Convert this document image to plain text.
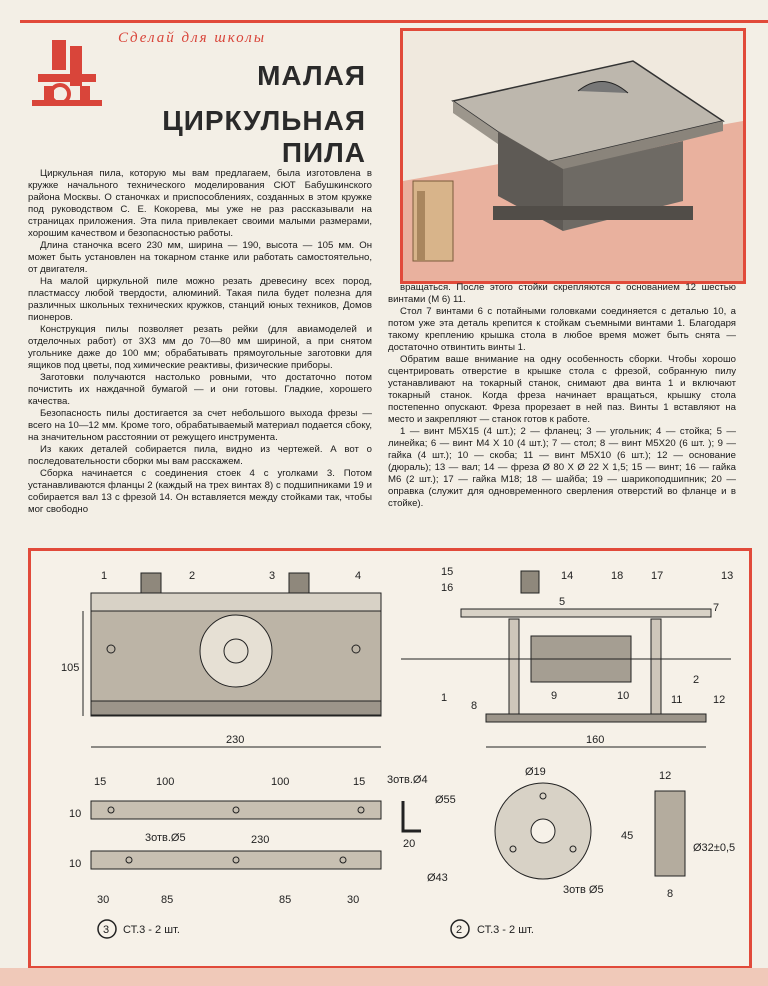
Сделай для школы
МАЛАЯ
ЦИРКУЛЬНАЯ ПИЛА

Циркульная пила, которую мы вам предлагаем, была изготовлена в кружке начального технического моделирования СЮТ Бабушкинского района Москвы. О станочках и приспособлениях, созданных в этом кружке под руководством С. Е. Кокорева, мы уже не раз рассказывали на страницах приложения. Эта пила привлекает своими малыми размерами, хорошим качеством и безопасностью работы.

Длина станочка всего 230 мм, ширина — 190, высота — 105 мм. Он может быть установлен на токарном станке или работать самостоятельно, от двигателя.

На малой циркульной пиле можно резать древесину всех пород, пластмассу любой твердости, алюминий. Такая пила будет полезна для различных школьных технических кружков, станций юных техников, Домов пионеров.

Конструкция пилы позволяет резать рейки (для авиамоделей и отделочных работ) от 3Х3 мм до 70—80 мм шириной, а при снятом угольнике даже до 100 мм; обрабатывать прямоугольные заготовки для ящиков под цветы, под химические реактивы, физические приборы.

Заготовки получаются настолько ровными, что достаточно потом почистить их наждачной бумагой — и они готовы. Гладкие, хорошего качества.

Безопасность пилы достигается за счет небольшого выхода фрезы — всего на 10—12 мм. Кроме того, обрабатываемый материал подается сбоку, на значительном расстоянии от режущего инструмента.

Из каких деталей собирается пила, видно из чертежей. А вот о последовательности сборки мы вам расскажем.

Сборка начинается с соединения стоек 4 с уголками 3. Потом устанавливаются фланцы 2 (каждый на трех винтах 8) с подшипниками 19 и собирается вал 13 с фрезой 14. Он вставляется между стойками так, чтобы мог свободно

вращаться. После этого стойки скрепляются с основанием 12 шестью винтами (М 6) 11.

Стол 7 винтами 6 с потайными головками соединяется с деталью 10, а потом уже эта деталь крепится к стойкам съемными винтами 1. Благодаря такому креплению крышка стола в любое время может быть снята — достаточно отвинтить винты 1.

Обратим ваше внимание на одну особенность сборки. Чтобы хорошо сцентрировать отверстие в крышке стола с фрезой, собранную пилу устанавливают на токарный станок, снимают два винта 1 и включают токарный станок. Когда фреза начинает вращаться, крышку стола постепенно опускают. Фреза прорезает в ней паз. Винты 1 вставляют на место и закрепляют — станок готов к работе.

1 — винт М5Х15 (4 шт.); 2 — фланец; 3 — угольник; 4 — стойка; 5 — линейка; 6 — винт М4 Х 10 (4 шт.); 7 — стол; 8 — винт М5Х20 (6 шт. ); 9 — гайка (4 шт.); 10 — скоба; 11 — винт М5Х10 (6 шт.); 12 — основание (дюраль); 13 — вал; 14 — фреза Ø 80 Х Ø 22 Х 1,5; 15 — винт; 16 — гайка М6 (2 шт.); 17 — гайка М18; 18 — шайба; 19 — шарикоподшипник; 20 — оправка (служит для одновременного сверления отверстий во фланце и в стойке).

1	2	3	4
105
230
15
16
5
14	18	17	13
7
2
1
8
9	10	11	12
160
15	100	100	15
230
30	85	85	30
10
10
20
3отв.Ø4
3отв.Ø5
3 СТ.3 - 2 шт.
Ø19
Ø55
Ø43
45
12
Ø32±0,5
8
3отв Ø5
2 СТ.3 - 2 шт.
